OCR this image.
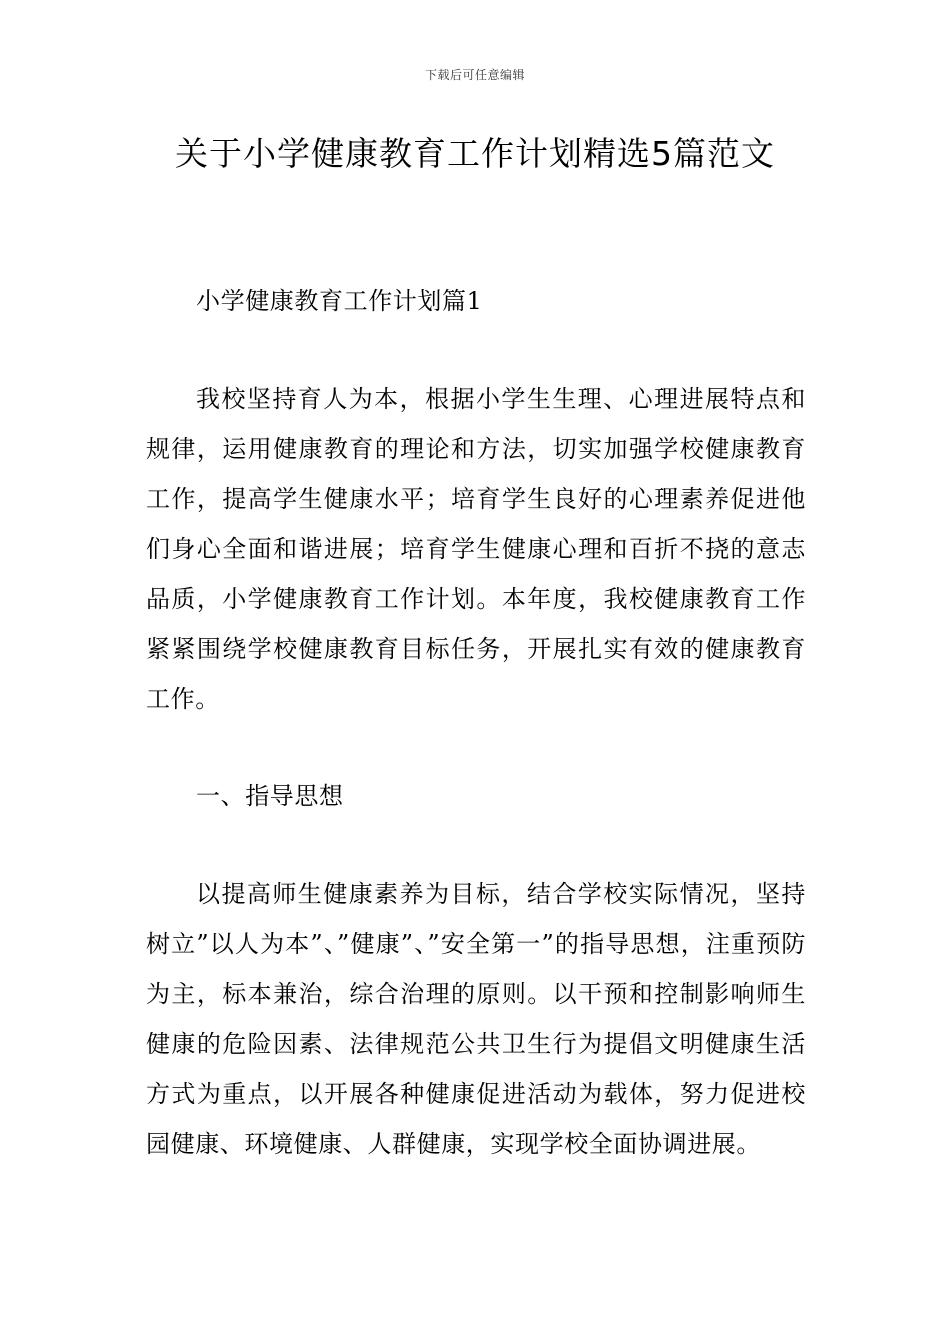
下载后可任意编辑
关于小学健康教育工作计划精选5篇范文

小学健康教育工作计划篇1

我校坚持育人为本，根据小学生生理、心理进展特点和规律，运用健康教育的理论和方法，切实加强学校健康教育工作，提高学生健康水平；培育学生良好的心理素养促进他们身心全面和谐进展；培育学生健康心理和百折不挠的意志品质，小学健康教育工作计划。本年度，我校健康教育工作紧紧围绕学校健康教育目标任务，开展扎实有效的健康教育工作。

一、指导思想

以提高师生健康素养为目标，结合学校实际情况，坚持树立”以人为本”、”健康”、”安全第一”的指导思想，注重预防为主，标本兼治，综合治理的原则。以干预和控制影响师生健康的危险因素、法律规范公共卫生行为提倡文明健康生活方式为重点，以开展各种健康促进活动为载体，努力促进校园健康、环境健康、人群健康，实现学校全面协调进展。
